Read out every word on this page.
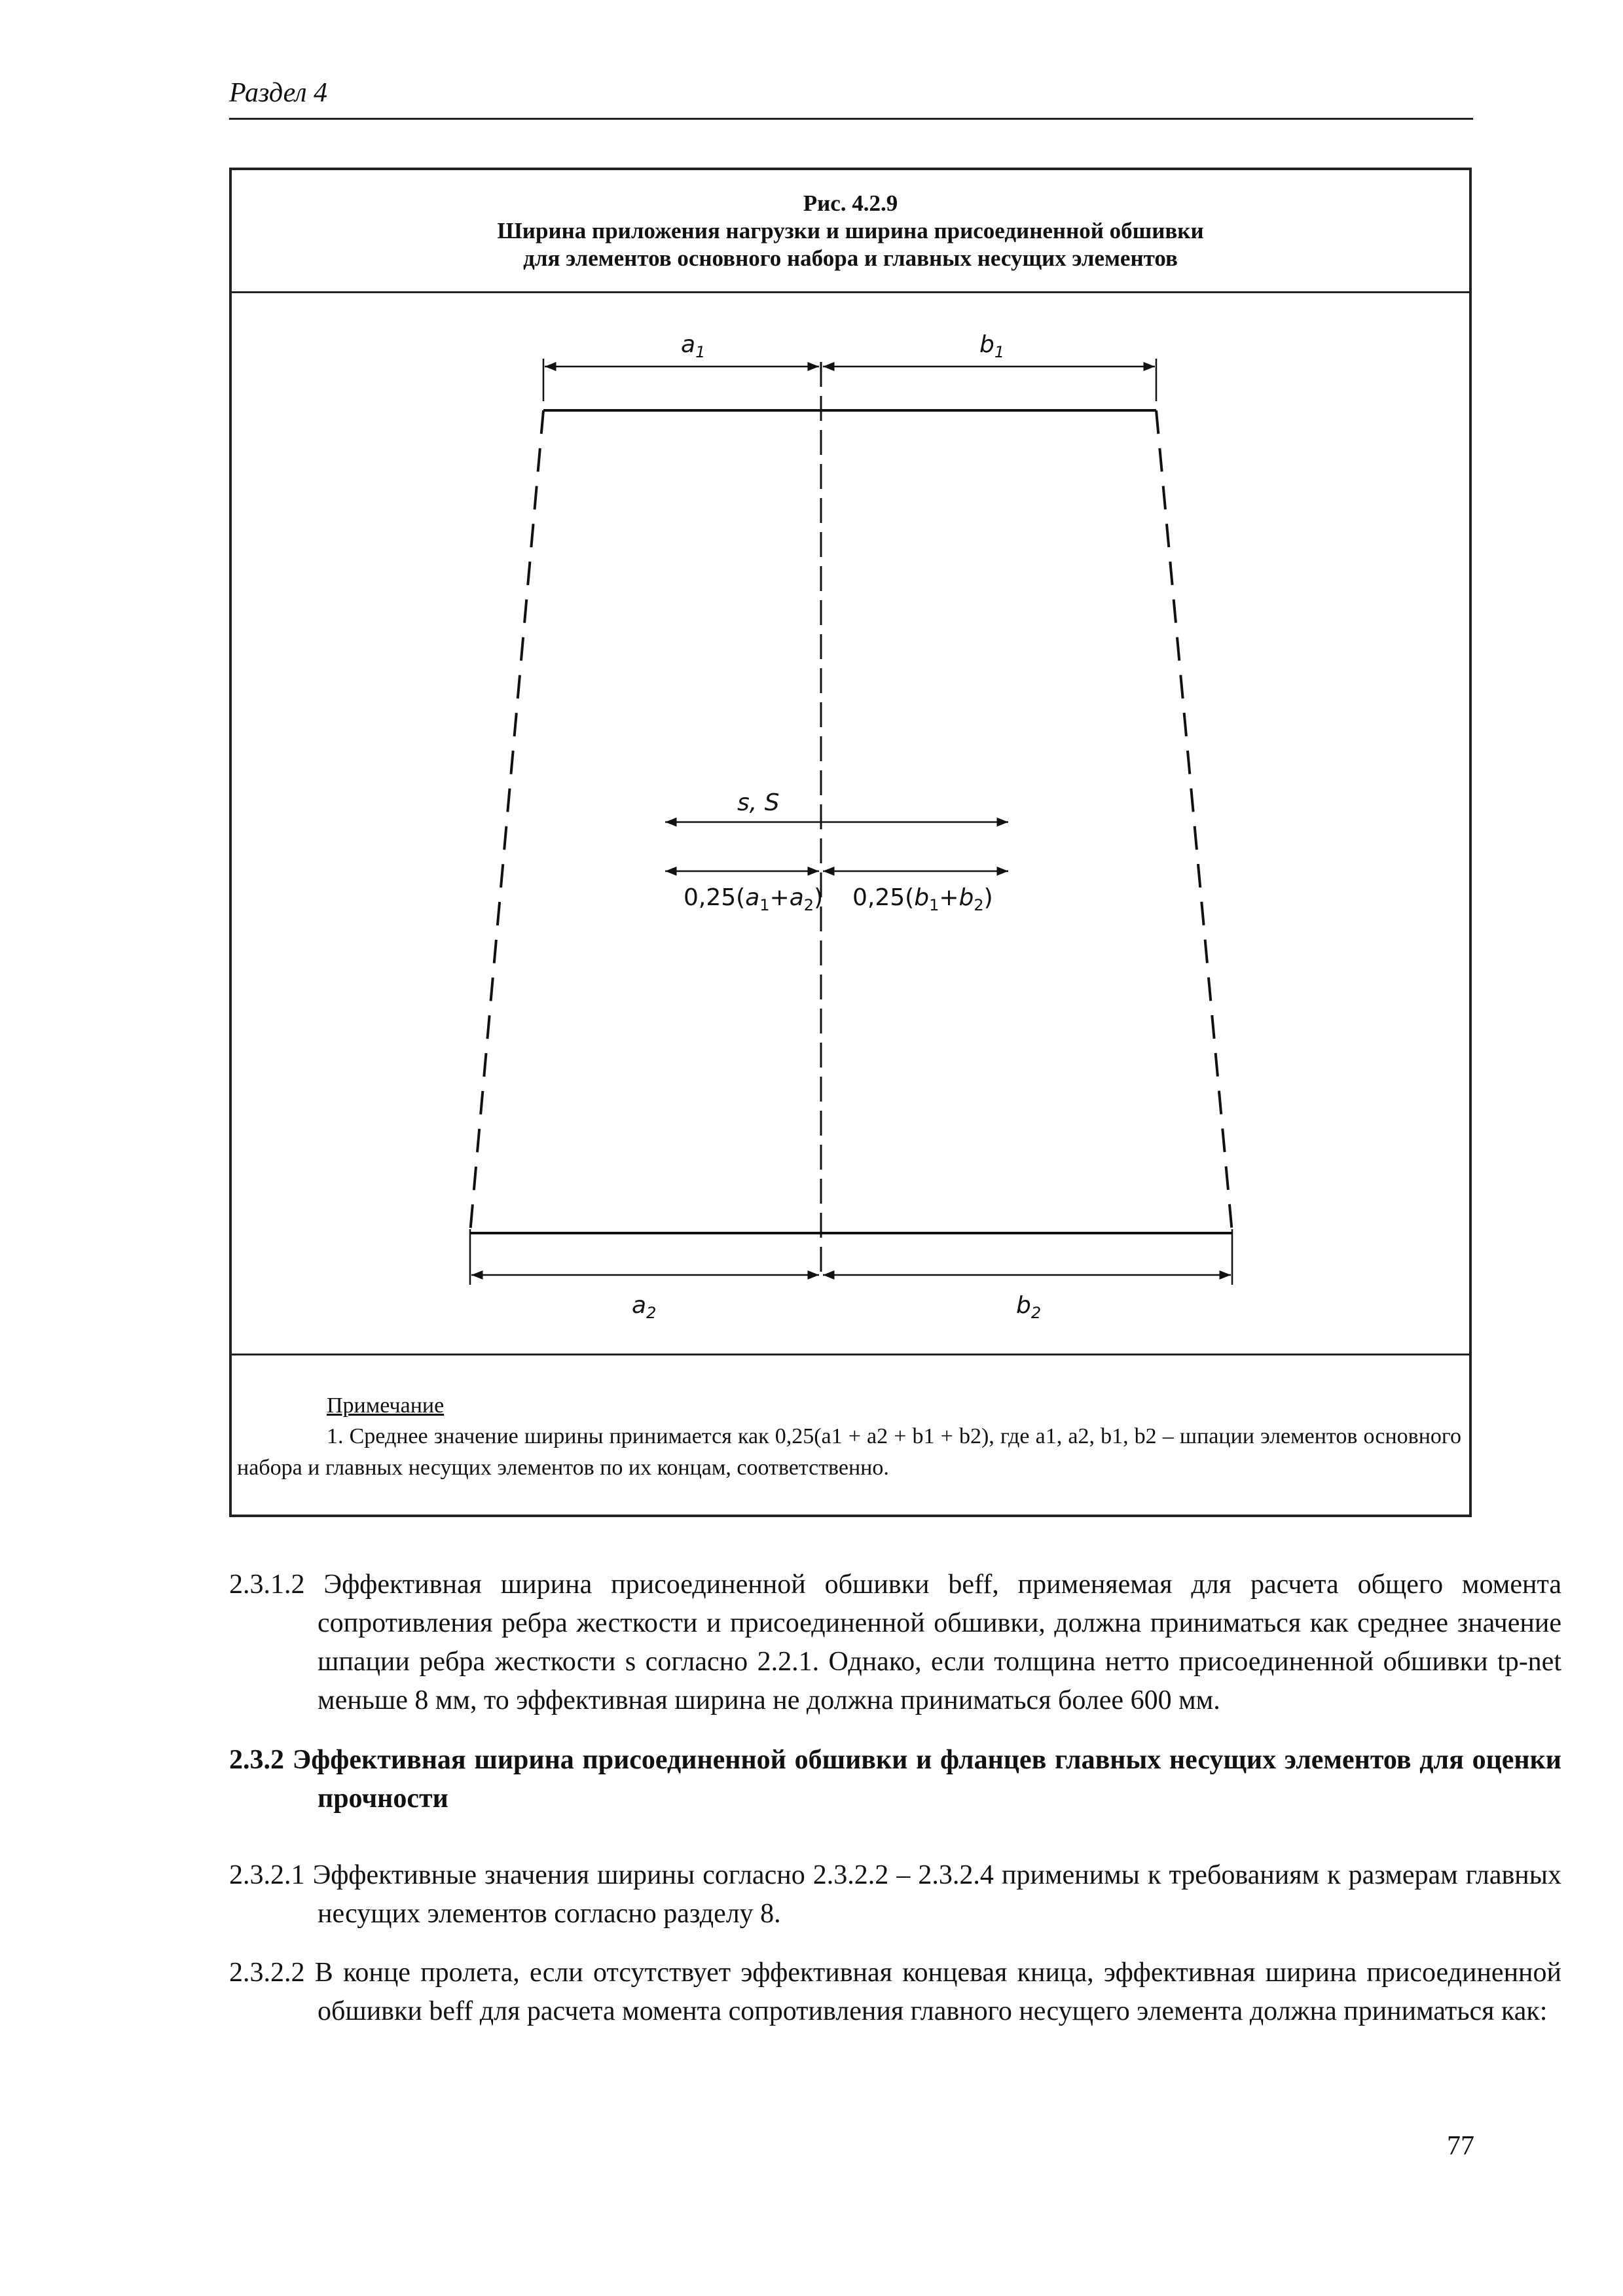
Раздел 4
Рис. 4.2.9
Ширина приложения нагрузки и ширина присоединенной обшивки
для элементов основного набора и главных несущих элементов
$a_1$	$b_1$
$a_2$	$b_2$
s, S
$0,25(a_1+a_2)$ $0,25(b_1+b_2)$
Примечание
1. Среднее значение ширины принимается как 0,25(a1 + a2 + b1 + b2), где a1, a2, b1, b2 – шпации элементов основного набора и главных несущих элементов по их концам, соответственно.
2.3.1.2 Эффективная ширина присоединенной обшивки beff, применяемая для расчета общего момента сопротивления ребра жесткости и присоединенной обшивки, должна приниматься как среднее значение шпации ребра жесткости s согласно 2.2.1. Однако, если толщина нетто присоединенной обшивки tp-net меньше 8 мм, то эффективная ширина не должна приниматься более 600 мм.
2.3.2 Эффективная ширина присоединенной обшивки и фланцев главных несущих элементов для оценки прочности
2.3.2.1 Эффективные значения ширины согласно 2.3.2.2 – 2.3.2.4 применимы к требованиям к размерам главных несущих элементов согласно разделу 8.
2.3.2.2 В конце пролета, если отсутствует эффективная концевая кница, эффективная ширина присоединенной обшивки beff для расчета момента сопротивления главного несущего элемента должна приниматься как:
77
